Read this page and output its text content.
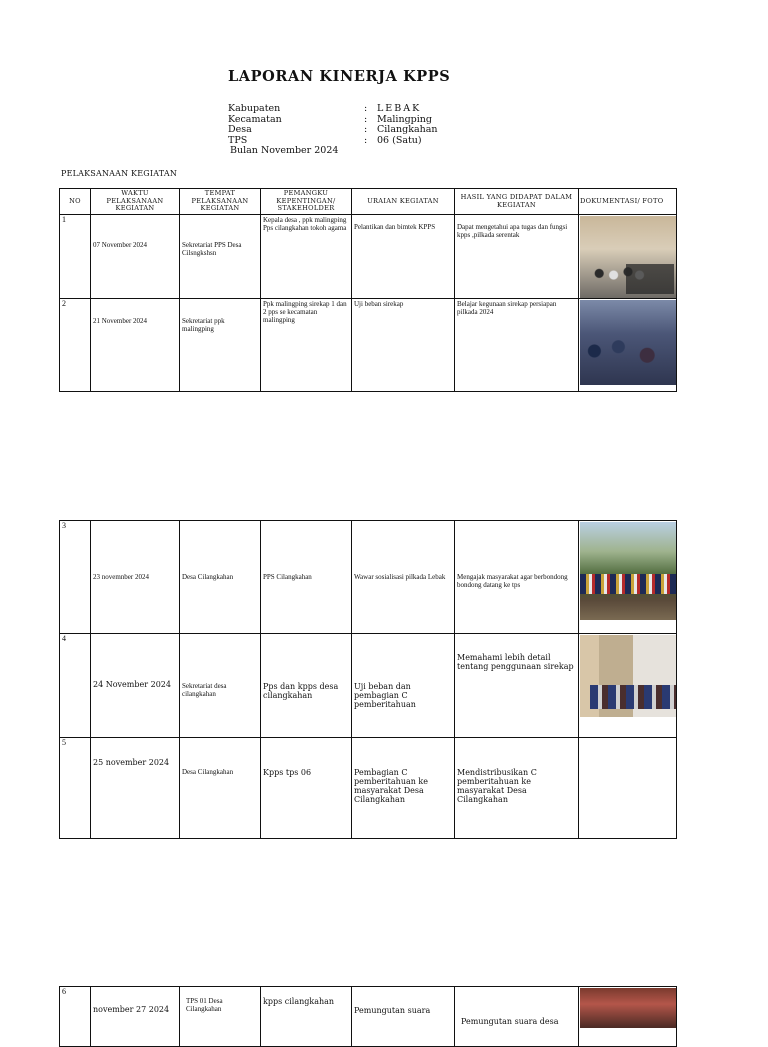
LAPORAN KINERJA KPPS
Kabupaten	: LEBAK
Kecamatan	: Malingping
Desa	: Cilangkahan
TPS	: 06 (Satu)
Bulan November 2024
PELAKSANAAN KEGIATAN
NO	WAKTU PELAKSANAAN KEGIATAN	TEMPAT PELAKSANAAN KEGIATAN	PEMANGKU KEPENTINGAN/ STAKEHOLDER	URAIAN KEGIATAN	HASIL YANG DIDAPAT DALAM KEGIATAN	DOKUMENTASI/ FOTO
1	07 November 2024	Sekretariat PPS Desa Cilsngkshsn	Kepala desa , ppk malingping Pps cilangkahan tokoh agama	Pelantikan dan bimtek KPPS	Dapat mengetahui apa tugas dan fungsi kpps ,pilkada serentak	

2	21 November 2024	Sekretariat ppk malingping	Ppk malingping sirekap 1 dan 2 pps se kecamatan malingping	Uji beban sirekap	Belajar kegunaan sirekap persiapan pilkada 2024	
3	23 novemnber 2024	Desa Cilangkahan	PPS Cilangkahan	Wawar sosialisasi pilkada Lebak	Mengajak masyarakat agar berbondong bondong datang ke tps	

4	24 November 2024	Sekretariat desa cilangkahan	Pps dan kpps desa cilangkahan	Uji beban dan pembagian C pemberitahuan	Memahami lebih detail tentang penggunaan sirekap	

5	25 november 2024	Desa Cilangkahan	Kpps tps 06	Pembagian C pemberitahuan ke masyarakat Desa Cilangkahan	Mendistribusikan C pemberitahuan ke masyarakat Desa Cilangkahan	
6	november 27 2024	TPS 01 Desa Cilangkahan	kpps cilangkahan	Pemungutan suara	Pemungutan suara desa	
